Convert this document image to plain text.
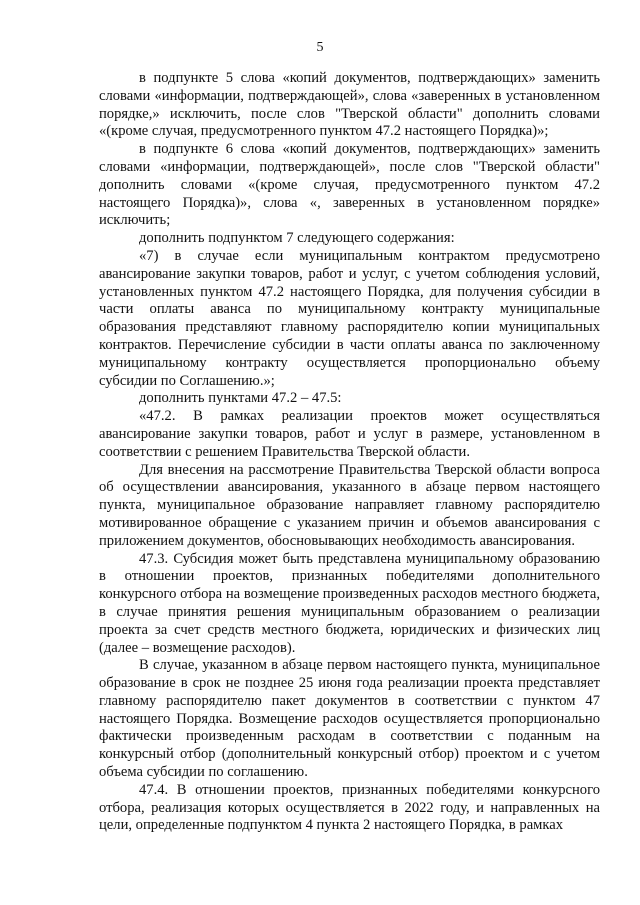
5

в подпункте 5 слова «копий документов, подтверждающих» заменить словами «информации, подтверждающей», слова «заверенных в установленном порядке,» исключить, после слов "Тверской области" дополнить словами «(кроме случая, предусмотренного пунктом 47.2 настоящего Порядка)»;

в подпункте 6 слова «копий документов, подтверждающих» заменить словами «информации, подтверждающей», после слов "Тверской области" дополнить словами «(кроме случая, предусмотренного пунктом 47.2 настоящего Порядка)», слова «, заверенных в установленном порядке» исключить;

дополнить подпунктом 7 следующего содержания:

«7) в случае если муниципальным контрактом предусмотрено авансирование закупки товаров, работ и услуг, с учетом соблюдения условий, установленных пунктом 47.2 настоящего Порядка, для получения субсидии в части оплаты аванса по муниципальному контракту муниципальные образования представляют главному распорядителю копии муниципальных контрактов. Перечисление субсидии в части оплаты аванса по заключенному муниципальному контракту осуществляется пропорционально объему субсидии по Соглашению.»;

дополнить пунктами 47.2 – 47.5:

«47.2. В рамках реализации проектов может осуществляться авансирование закупки товаров, работ и услуг в размере, установленном в соответствии с решением Правительства Тверской области.

Для внесения на рассмотрение Правительства Тверской области вопроса об осуществлении авансирования, указанного в абзаце первом настоящего пункта, муниципальное образование направляет главному распорядителю мотивированное обращение с указанием причин и объемов авансирования с приложением документов, обосновывающих необходимость авансирования.

47.3. Субсидия может быть представлена муниципальному образованию в отношении проектов, признанных победителями дополнительного конкурсного отбора на возмещение произведенных расходов местного бюджета, в случае принятия решения муниципальным образованием о реализации проекта за счет средств местного бюджета, юридических и физических лиц (далее – возмещение расходов).

В случае, указанном в абзаце первом настоящего пункта, муниципальное образование в срок не позднее 25 июня года реализации проекта представляет главному распорядителю пакет документов в соответствии с пунктом 47 настоящего Порядка. Возмещение расходов осуществляется пропорционально фактически произведенным расходам в соответствии с поданным на конкурсный отбор (дополнительный конкурсный отбор) проектом и с учетом объема субсидии по соглашению.

47.4. В отношении проектов, признанных победителями конкурсного отбора, реализация которых осуществляется в 2022 году, и направленных на цели, определенные подпунктом 4 пункта 2 настоящего Порядка, в рамках
